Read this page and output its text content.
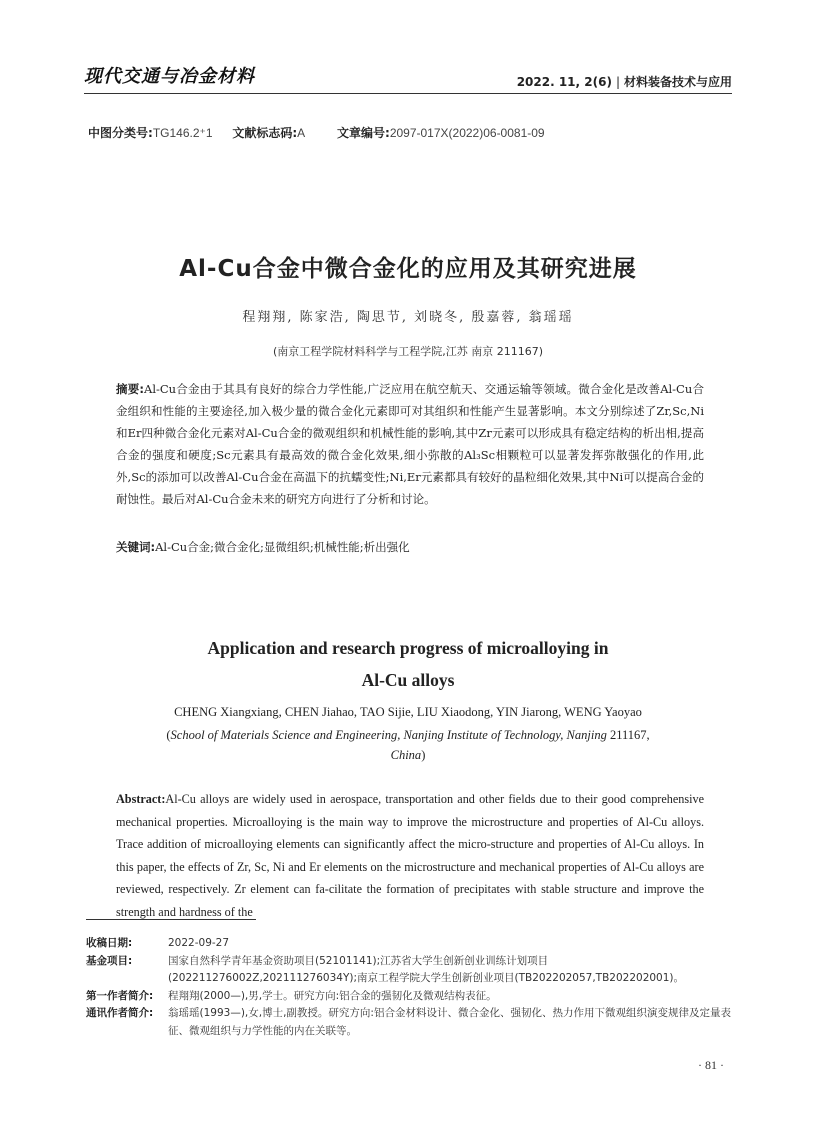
现代交通与冶金材料	2022. 11, 2(6) | 材料装备技术与应用
中图分类号:TG146.2⁺1 文献标志码:A	文章编号:2097-017X(2022)06-0081-09
Al-Cu合金中微合金化的应用及其研究进展
程翔翔, 陈家浩, 陶思节, 刘晓冬, 殷嘉蓉, 翁瑶瑶
(南京工程学院材料科学与工程学院,江苏 南京 211167)
摘要:Al-Cu合金由于其具有良好的综合力学性能,广泛应用在航空航天、交通运输等领域。微合金化是改善Al-Cu合金组织和性能的主要途径,加入极少量的微合金化元素即可对其组织和性能产生显著影响。本文分别综述了Zr,Sc,Ni和Er四种微合金化元素对Al-Cu合金的微观组织和机械性能的影响,其中Zr元素可以形成具有稳定结构的析出相,提高合金的强度和硬度;Sc元素具有最高效的微合金化效果,细小弥散的Al₃Sc相颗粒可以显著发挥弥散强化的作用,此外,Sc的添加可以改善Al-Cu合金在高温下的抗蠕变性;Ni,Er元素都具有较好的晶粒细化效果,其中Ni可以提高合金的耐蚀性。最后对Al-Cu合金未来的研究方向进行了分析和讨论。
关键词:Al-Cu合金;微合金化;显微组织;机械性能;析出强化
Application and research progress of microalloying in
Al-Cu alloys
CHENG Xiangxiang, CHEN Jiahao, TAO Sijie, LIU Xiaodong, YIN Jiarong, WENG Yaoyao
(School of Materials Science and Engineering, Nanjing Institute of Technology, Nanjing 211167,
China)
Abstract:Al-Cu alloys are widely used in aerospace, transportation and other fields due to their good comprehensive mechanical properties. Microalloying is the main way to improve the microstructure and properties of Al-Cu alloys. Trace addition of microalloying elements can significantly affect the micro-structure and properties of Al-Cu alloys. In this paper, the effects of Zr, Sc, Ni and Er elements on the microstructure and mechanical properties of Al-Cu alloys are reviewed, respectively. Zr element can fa-cilitate the formation of precipitates with stable structure and improve the strength and hardness of the
收稿日期:	2022-09-27
基金项目:	国家自然科学青年基金资助项目(52101141);江苏省大学生创新创业训练计划项目(202211276002Z,202111276034Y);南京工程学院大学生创新创业项目(TB202202057,TB202202001)。
第一作者简介: 程翔翔(2000—),男,学士。研究方向:铝合金的强韧化及微观结构表征。
通讯作者简介: 翁瑶瑶(1993—),女,博士,副教授。研究方向:铝合金材料设计、微合金化、强韧化、热力作用下微观组织演变规律及定量表征、微观组织与力学性能的内在关联等。
· 81 ·
